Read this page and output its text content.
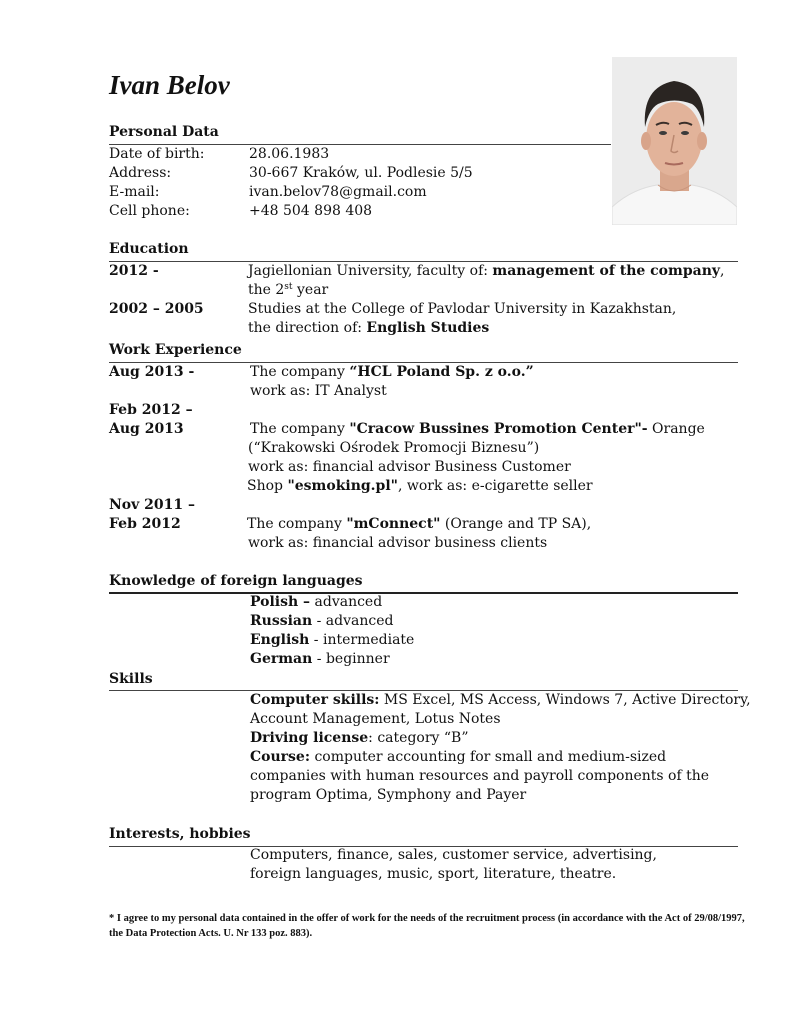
Ivan Belov
Personal Data
Date of birth:	28.06.1983
Address:	30-667 Kraków, ul. Podlesie 5/5
E-mail:	ivan.belov78@gmail.com
Cell phone:	+48 504 898 408
Education
2012 -	Jagiellonian University, faculty of: management of the company,
the 2st year
2002 – 2005	Studies at the College of Pavlodar University in Kazakhstan,
the direction of: English Studies
Work Experience
Aug 2013 -	The company “HCL Poland Sp. z o.o.”
work as: IT Analyst
Feb 2012 –
Aug 2013	The company "Cracow Bussines Promotion Center"- Orange
(“Krakowski Ośrodek Promocji Biznesu”)
work as: financial advisor Business Customer
Shop "esmoking.pl", work as: e-cigarette seller
Nov 2011 –
Feb 2012	The company "mConnect" (Orange and TP SA),
work as: financial advisor business clients
Knowledge of foreign languages
Polish – advanced
Russian - advanced
English - intermediate
German - beginner
Skills
Computer skills: MS Excel, MS Access, Windows 7, Active Directory,
Account Management, Lotus Notes
Driving license: category “B”
Course: computer accounting for small and medium-sized
companies with human resources and payroll components of the
program Optima, Symphony and Payer
Interests, hobbies
Computers, finance, sales, customer service, advertising,
foreign languages, music, sport, literature, theatre.
* I agree to my personal data contained in the offer of work for the needs of the recruitment process (in accordance with the Act of 29/08/1997, the Data Protection Acts. U. Nr 133 poz. 883).
